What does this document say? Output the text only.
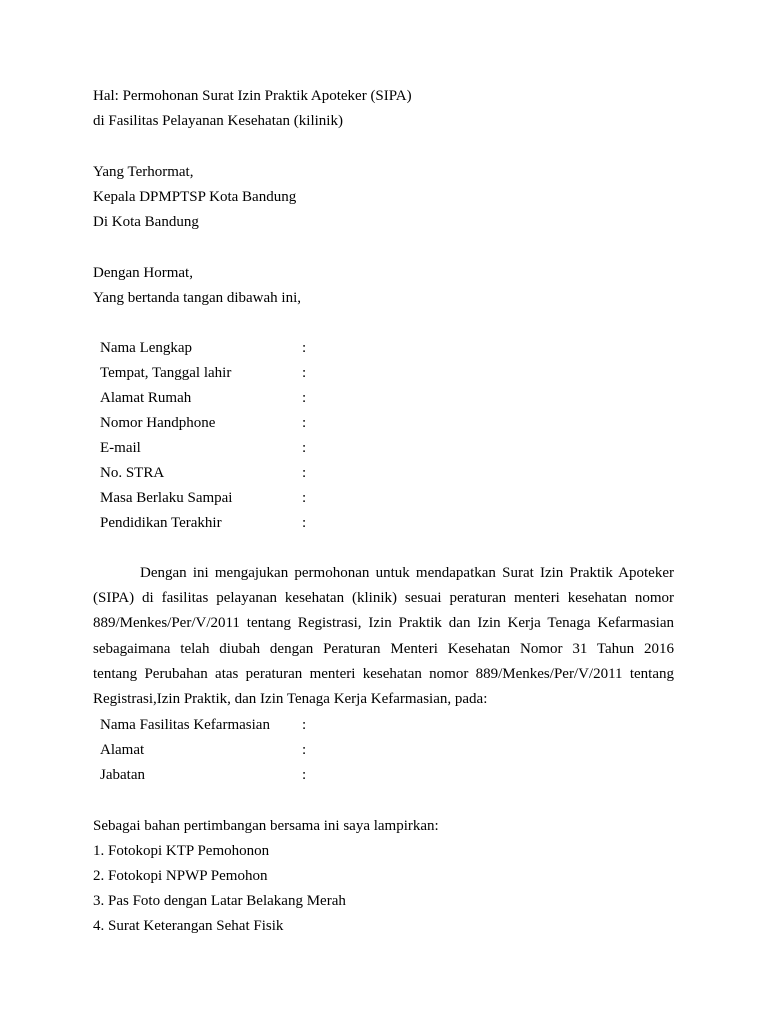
Hal: Permohonan Surat Izin Praktik Apoteker (SIPA)
di Fasilitas Pelayanan Kesehatan (kilinik)
Yang Terhormat,
Kepala DPMPTSP Kota Bandung
Di Kota Bandung
Dengan Hormat,
Yang bertanda tangan dibawah ini,
Nama Lengkap	:
Tempat, Tanggal lahir	:
Alamat Rumah	:
Nomor Handphone	:
E-mail	:
No. STRA	:
Masa Berlaku Sampai	:
Pendidikan Terakhir	:
Dengan ini mengajukan permohonan untuk mendapatkan Surat Izin Praktik Apoteker
(SIPA) di fasilitas pelayanan kesehatan (klinik) sesuai peraturan menteri kesehatan nomor
889/Menkes/Per/V/2011 tentang Registrasi, Izin Praktik dan Izin Kerja Tenaga Kefarmasian
sebagaimana telah diubah dengan Peraturan Menteri Kesehatan Nomor 31 Tahun 2016
tentang Perubahan atas peraturan menteri kesehatan nomor 889/Menkes/Per/V/2011 tentang
Registrasi,Izin Praktik, dan Izin Tenaga Kerja Kefarmasian, pada:
Nama Fasilitas Kefarmasian :
Alamat	:
Jabatan	:
Sebagai bahan pertimbangan bersama ini saya lampirkan:
1. Fotokopi KTP Pemohonon
2. Fotokopi NPWP Pemohon
3. Pas Foto dengan Latar Belakang Merah
4. Surat Keterangan Sehat Fisik
